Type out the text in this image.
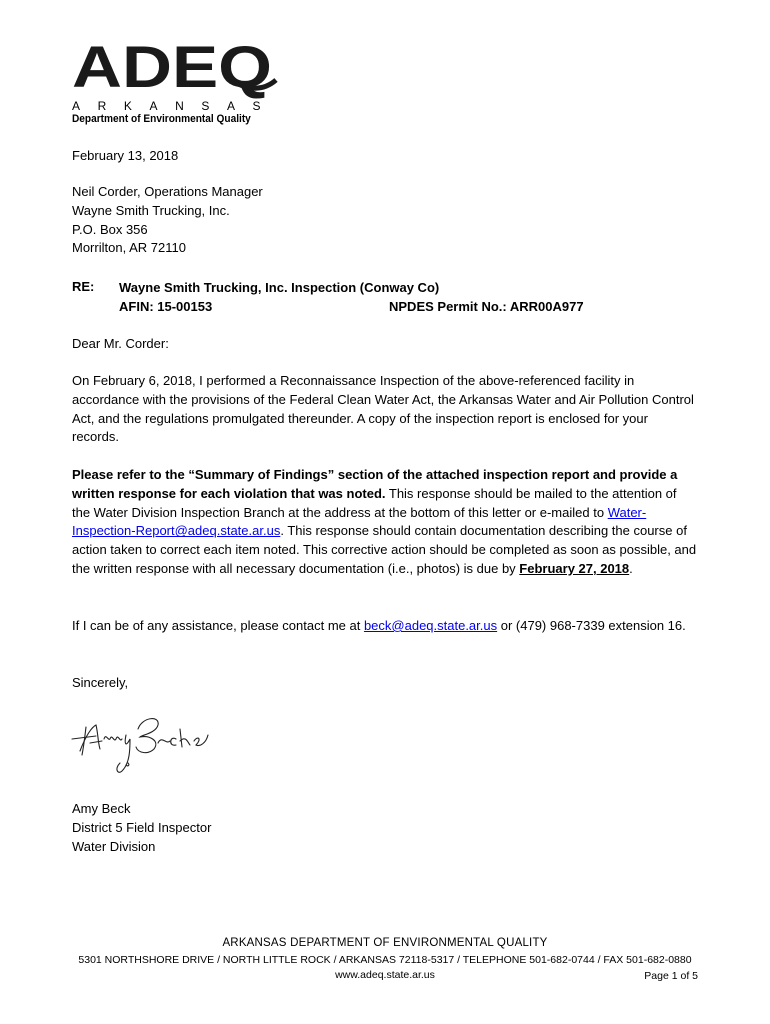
ADEQ
ARKANSAS
Department of Environmental Quality
February 13, 2018
Neil Corder, Operations Manager
Wayne Smith Trucking, Inc.
P.O. Box 356
Morrilton, AR 72110
RE: Wayne Smith Trucking, Inc. Inspection (Conway Co)
AFIN: 15-00153	NPDES Permit No.: ARR00A977
Dear Mr. Corder:
On February 6, 2018, I performed a Reconnaissance Inspection of the above-referenced facility in accordance with the provisions of the Federal Clean Water Act, the Arkansas Water and Air Pollution Control Act, and the regulations promulgated thereunder. A copy of the inspection report is enclosed for your records.
Please refer to the “Summary of Findings” section of the attached inspection report and provide a written response for each violation that was noted. This response should be mailed to the attention of the Water Division Inspection Branch at the address at the bottom of this letter or e-mailed to Water-Inspection-Report@adeq.state.ar.us. This response should contain documentation describing the course of action taken to correct each item noted. This corrective action should be completed as soon as possible, and the written response with all necessary documentation (i.e., photos) is due by February 27, 2018.
If I can be of any assistance, please contact me at beck@adeq.state.ar.us or (479) 968-7339 extension 16.
Sincerely,
Amy Beck
District 5 Field Inspector
Water Division
ARKANSAS DEPARTMENT OF ENVIRONMENTAL QUALITY
5301 NORTHSHORE DRIVE / NORTH LITTLE ROCK / ARKANSAS 72118-5317 / TELEPHONE 501-682-0744 / FAX 501-682-0880
www.adeq.state.ar.us	Page 1 of 5
